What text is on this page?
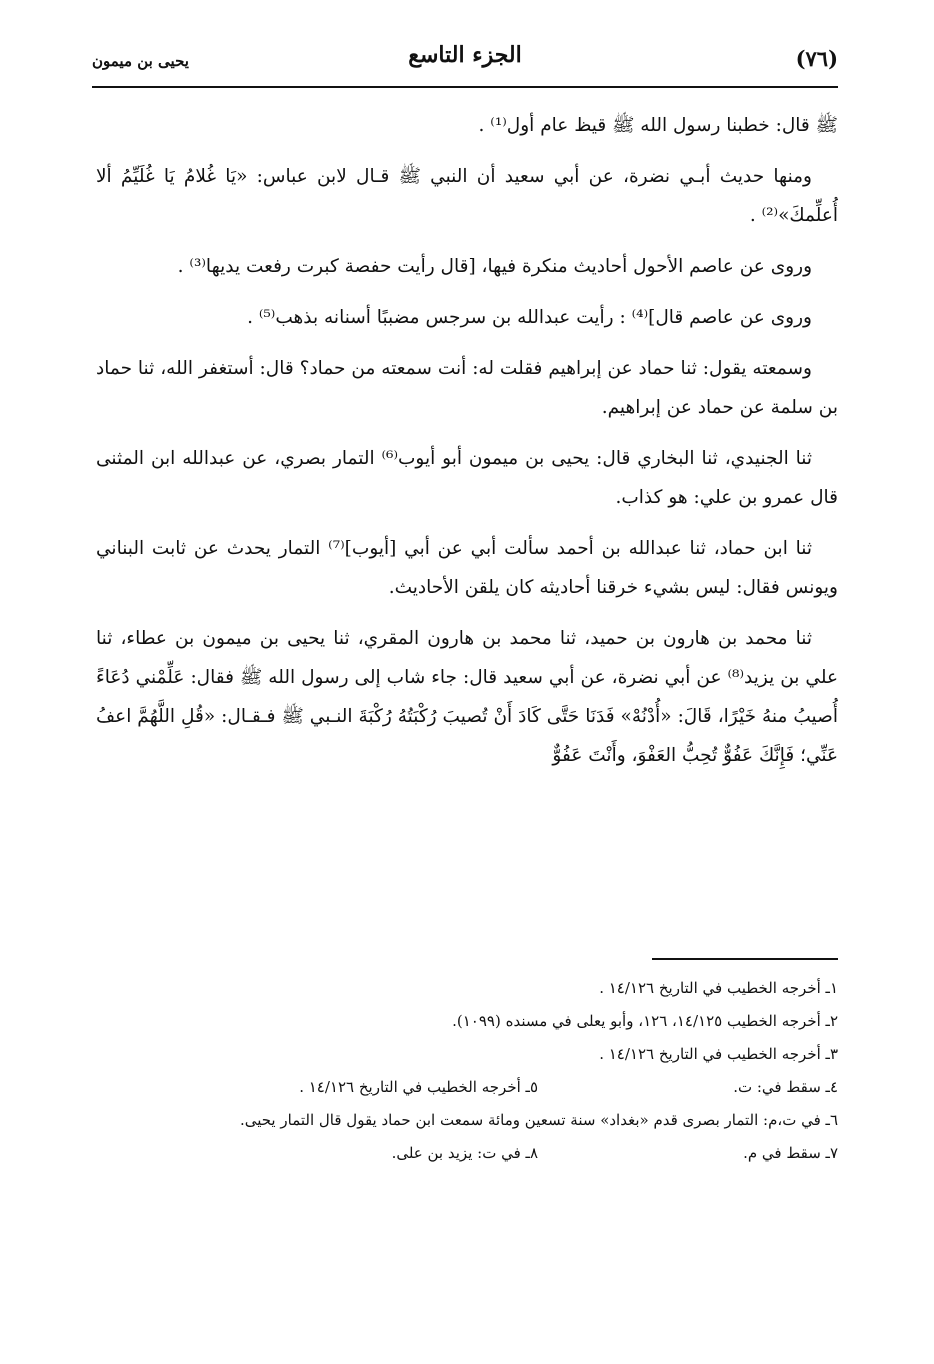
(٧٦)
الجزء التاسع
يحيى بن ميمون

ﷺ قال: خطبنا رسول الله ﷺ قيظ عام أول⁽¹⁾ .

ومنها حديث أبـي نضرة، عن أبي سعيد أن النبي ﷺ قـال لابن عباس: «يَا غُلامُ يَا غُلَيِّمُ ألا أُعلِّمكَ»⁽²⁾ .

وروى عن عاصم الأحول أحاديث منكرة فيها، [قال رأيت حفصة كبرت رفعت يديها⁽³⁾ .

وروى عن عاصم قال]⁽⁴⁾ : رأيت عبدالله بن سرجس مضببًا أسنانه بذهب⁽⁵⁾ .

وسمعته يقول: ثنا حماد عن إبراهيم فقلت له: أنت سمعته من حماد؟ قال: أستغفر الله، ثنا حماد بن سلمة عن حماد عن إبراهيم.

ثنا الجنيدي، ثنا البخاري قال: يحيى بن ميمون أبو أيوب⁽⁶⁾ التمار بصري، عن عبدالله ابن المثنى قال عمرو بن علي: هو كذاب.

ثنا ابن حماد، ثنا عبدالله بن أحمد سألت أبي عن أبي [أيوب]⁽⁷⁾ التمار يحدث عن ثابت البناني ويونس فقال: ليس بشيء خرقنا أحاديثه كان يلقن الأحاديث.

ثنا محمد بن هارون بن حميد، ثنا محمد بن هارون المقري، ثنا يحيى بن ميمون بن عطاء، ثنا علي بن يزيد⁽⁸⁾ عن أبي نضرة، عن أبي سعيد قال: جاء شاب إلى رسول الله ﷺ فقال: عَلِّمْني دُعَاءً أُصيبُ منهُ خَيْرًا، قَالَ: «أُدْنُهْ» فَدَنَا حَتَّى كَادَ أَنْ تُصيبَ رُكْبَتُهُ رُكْبَةَ النـبي ﷺ فـقـال: «قُلِ اللَّهُمَّ اعفُ عَنِّي؛ فَإِنَّكَ عَفُوٌّ تُحِبُّ العَفْوَ، وأَنْتَ عَفُوٌّ

١ـ أخرجه الخطيب في التاريخ ١٤/١٢٦ .

٢ـ أخرجه الخطيب ١٤/١٢٥، ١٢٦، وأبو يعلى في مسنده (١٠٩٩).

٣ـ أخرجه الخطيب في التاريخ ١٤/١٢٦ .

٤ـ سقط في: ت.
٥ـ أخرجه الخطيب في التاريخ ١٤/١٢٦ .

٦ـ في ت،م: التمار بصرى قدم «بغداد» سنة تسعين ومائة سمعت ابن حماد يقول قال التمار يحيى.

٧ـ سقط في م.
٨ـ في ت: يزيد بن على.
